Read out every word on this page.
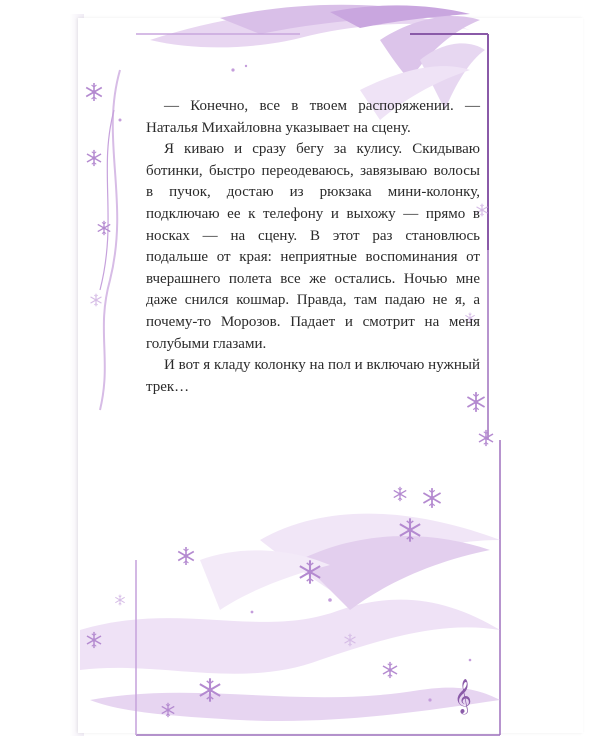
𝄞

— Конечно, все в твоем распоряжении. — Наталья Михайловна указывает на сцену.

Я киваю и сразу бегу за кулису. Скидываю ботинки, быстро переодеваюсь, завязываю волосы в пучок, достаю из рюкзака мини-колонку, подключаю ее к телефону и выхожу — прямо в носках — на сцену. В этот раз становлюсь подальше от края: неприятные воспоминания от вчерашнего полета все же остались. Ночью мне даже снился кошмар. Правда, там падаю не я, а почему-то Морозов. Падает и смотрит на меня голубыми глазами.

И вот я кладу колонку на пол и включаю нужный трек…
